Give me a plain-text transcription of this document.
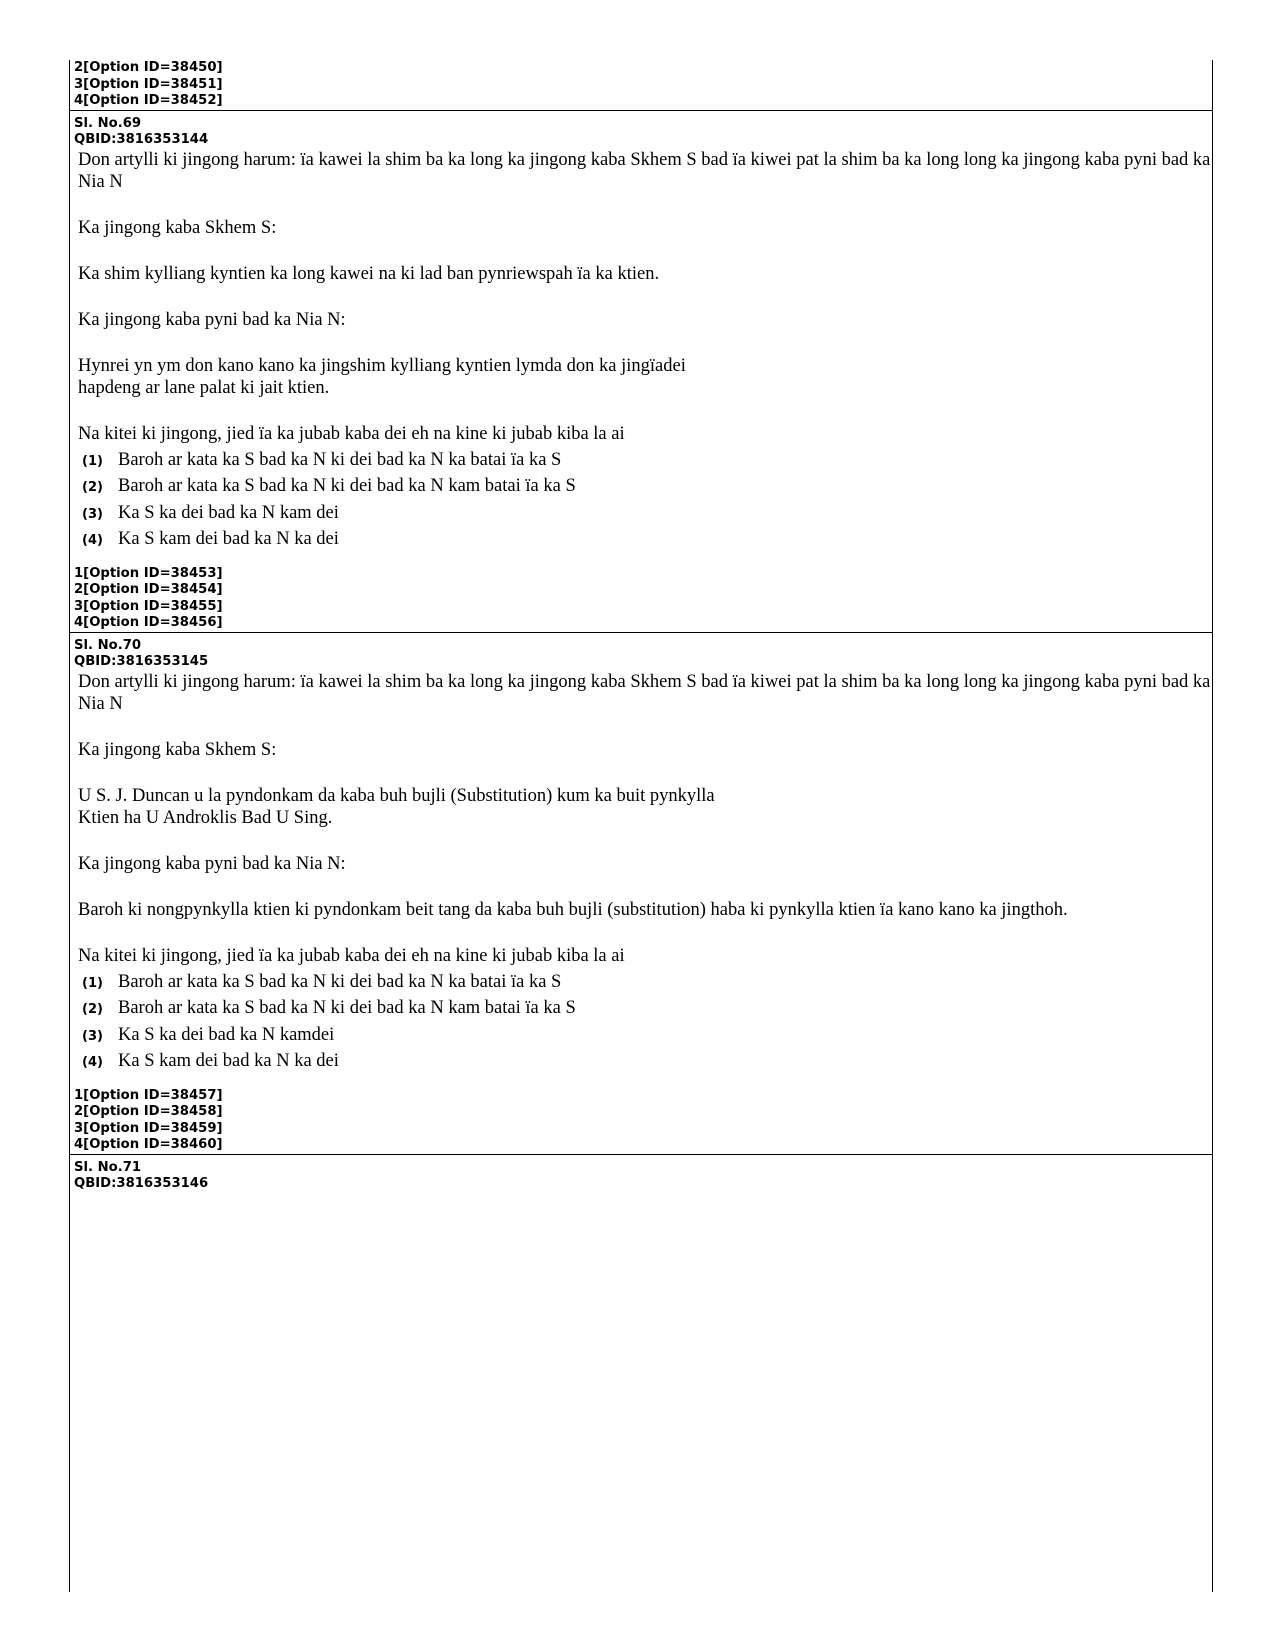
2[Option ID=38450]
3[Option ID=38451]
4[Option ID=38452]
Sl. No.69
QBID:3816353144

Don artylli ki jingong harum: ïa kawei la shim ba ka long ka jingong kaba Skhem S bad ïa kiwei pat la shim ba ka long long ka jingong kaba pyni bad ka Nia N

Ka jingong kaba Skhem S:

Ka shim kylliang kyntien ka long kawei na ki lad ban pynriewspah ïa ka ktien.

Ka jingong kaba pyni bad ka Nia N:

Hynrei yn ym don kano kano ka jingshim kylliang kyntien lymda don ka jingïadei
hapdeng ar lane palat ki jait ktien.

Na kitei ki jingong, jied ïa ka jubab kaba dei eh na kine ki jubab kiba la ai

(1) Baroh ar kata ka S bad ka N ki dei bad ka N ka batai ïa ka S
(2) Baroh ar kata ka S bad ka N ki dei bad ka N kam batai ïa ka S
(3) Ka S ka dei bad ka N kam dei
(4) Ka S kam dei bad ka N ka dei
1[Option ID=38453]
2[Option ID=38454]
3[Option ID=38455]
4[Option ID=38456]
Sl. No.70
QBID:3816353145

Don artylli ki jingong harum: ïa kawei la shim ba ka long ka jingong kaba Skhem S bad ïa kiwei pat la shim ba ka long long ka jingong kaba pyni bad ka Nia N

Ka jingong kaba Skhem S:

U S. J. Duncan u la pyndonkam da kaba buh bujli (Substitution) kum ka buit pynkylla
Ktien ha U Androklis Bad U Sing.

Ka jingong kaba pyni bad ka Nia N:

Baroh ki nongpynkylla ktien ki pyndonkam beit tang da kaba buh bujli (substitution) haba ki pynkylla ktien ïa kano kano ka jingthoh.

Na kitei ki jingong, jied ïa ka jubab kaba dei eh na kine ki jubab kiba la ai

(1) Baroh ar kata ka S bad ka N ki dei bad ka N ka batai ïa ka S
(2) Baroh ar kata ka S bad ka N ki dei bad ka N kam batai ïa ka S
(3) Ka S ka dei bad ka N kamdei
(4) Ka S kam dei bad ka N ka dei
1[Option ID=38457]
2[Option ID=38458]
3[Option ID=38459]
4[Option ID=38460]
Sl. No.71
QBID:3816353146
